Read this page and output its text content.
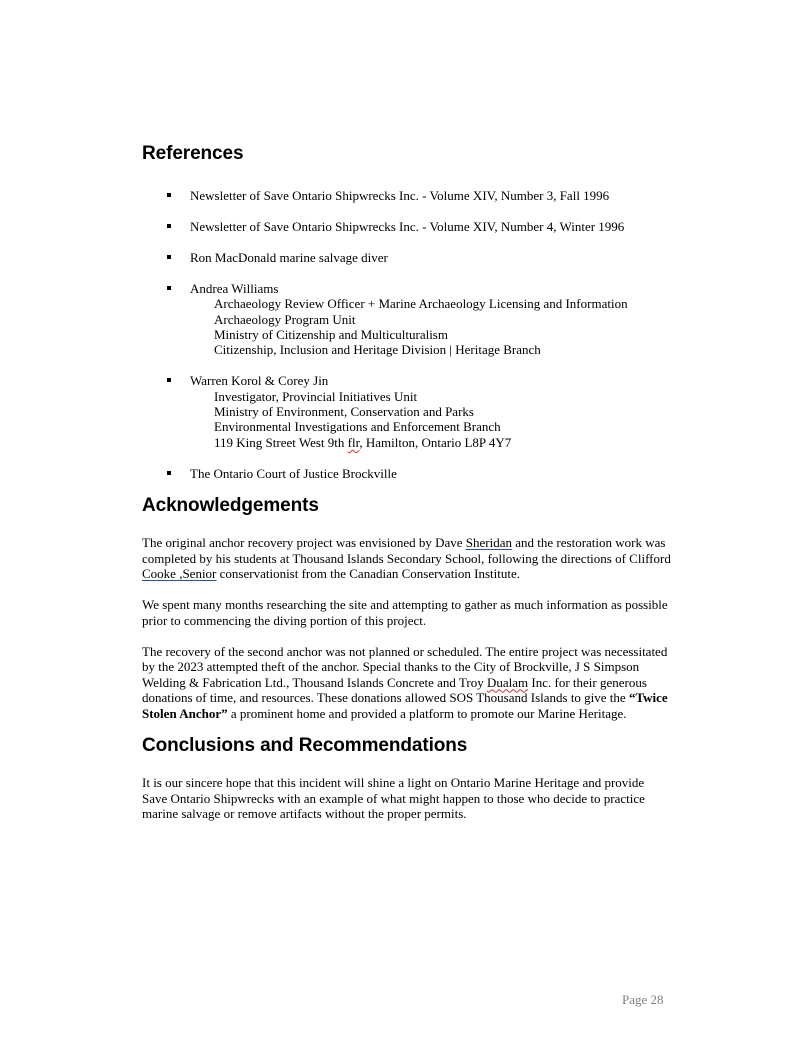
References
Newsletter of Save Ontario Shipwrecks Inc. - Volume XIV, Number 3, Fall 1996
Newsletter of Save Ontario Shipwrecks Inc. - Volume XIV, Number 4, Winter 1996
Ron MacDonald marine salvage diver
Andrea Williams
Archaeology Review Officer + Marine Archaeology Licensing and Information
Archaeology Program Unit
Ministry of Citizenship and Multiculturalism
Citizenship, Inclusion and Heritage Division | Heritage Branch
Warren Korol & Corey Jin
Investigator, Provincial Initiatives Unit
Ministry of Environment, Conservation and Parks
Environmental Investigations and Enforcement Branch
119 King Street West 9th flr, Hamilton, Ontario L8P 4Y7
The Ontario Court of Justice Brockville
Acknowledgements

The original anchor recovery project was envisioned by Dave Sheridan and the restoration work was completed by his students at Thousand Islands Secondary School, following the directions of Clifford Cooke ,Senior conservationist from the Canadian Conservation Institute.

We spent many months researching the site and attempting to gather as much information as possible prior to commencing the diving portion of this project.

The recovery of the second anchor was not planned or scheduled. The entire project was necessitated by the 2023 attempted theft of the anchor. Special thanks to the City of Brockville, J S Simpson Welding & Fabrication Ltd., Thousand Islands Concrete and Troy Dualam Inc. for their generous donations of time, and resources. These donations allowed SOS Thousand Islands to give the “Twice Stolen Anchor” a prominent home and provided a platform to promote our Marine Heritage.

Conclusions and Recommendations

It is our sincere hope that this incident will shine a light on Ontario Marine Heritage and provide Save Ontario Shipwrecks with an example of what might happen to those who decide to practice marine salvage or remove artifacts without the proper permits.

Page 28
